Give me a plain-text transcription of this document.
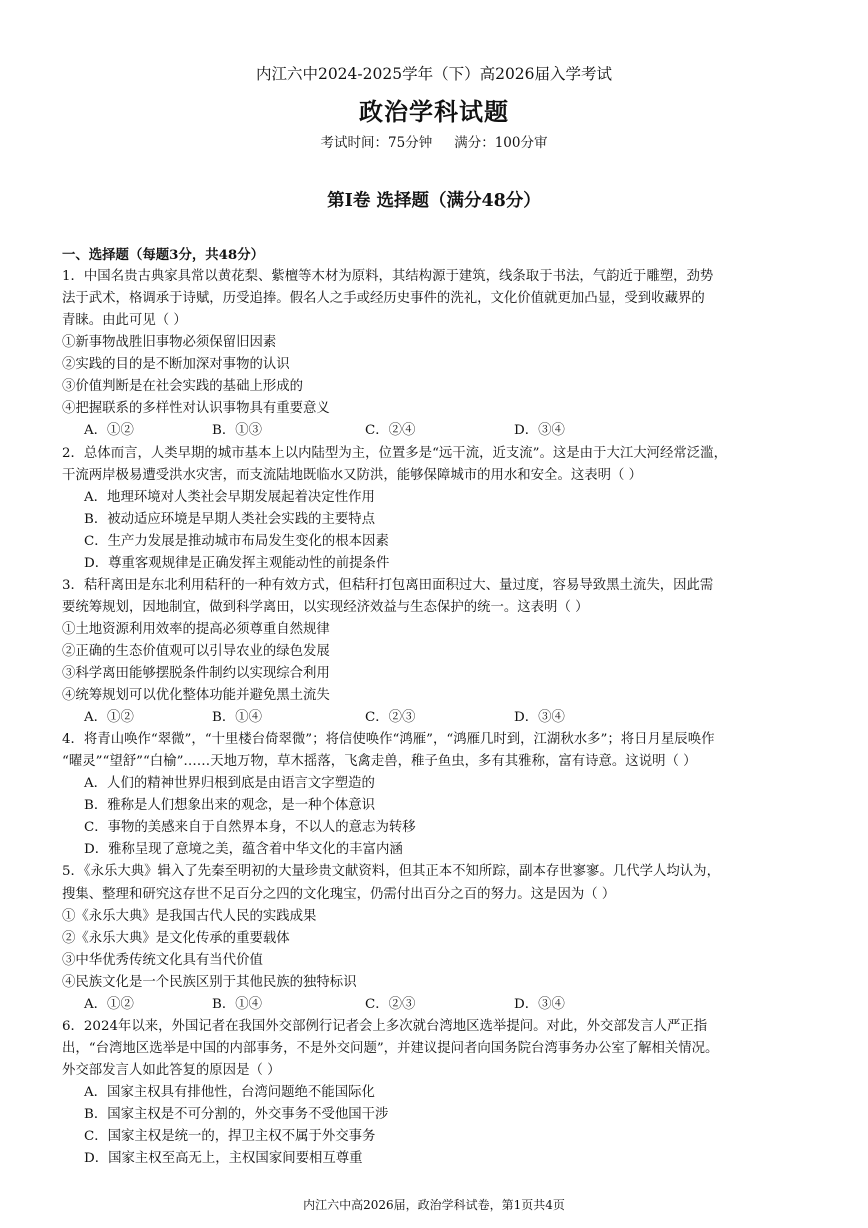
内江六中2024-2025学年（下）高2026届入学考试
政治学科试题
考试时间：75分钟 满分：100分审
第Ⅰ卷 选择题（满分48分）
一、选择题（每题3分，共48分）
1．中国名贵古典家具常以黄花梨、紫檀等木材为原料，其结构源于建筑，线条取于书法，气韵近于雕塑，劲势
法于武术，格调承于诗赋，历受追捧。假名人之手或经历史事件的洗礼，文化价值就更加凸显，受到收藏界的
青睐。由此可见（ ）
①新事物战胜旧事物必须保留旧因素
②实践的目的是不断加深对事物的认识
③价值判断是在社会实践的基础上形成的
④把握联系的多样性对认识事物具有重要意义
A．①②	B．①③	C．②④	D．③④
2．总体而言，人类早期的城市基本上以内陆型为主，位置多是“远干流，近支流”。这是由于大江大河经常泛滥，
干流两岸极易遭受洪水灾害，而支流陆地既临水又防洪，能够保障城市的用水和安全。这表明（ ）
A．地理环境对人类社会早期发展起着决定性作用
B．被动适应环境是早期人类社会实践的主要特点
C．生产力发展是推动城市布局发生变化的根本因素
D．尊重客观规律是正确发挥主观能动性的前提条件
3．秸秆离田是东北利用秸秆的一种有效方式，但秸秆打包离田面积过大、量过度，容易导致黑土流失，因此需
要统筹规划，因地制宜，做到科学离田，以实现经济效益与生态保护的统一。这表明（ ）
①土地资源利用效率的提高必须尊重自然规律
②正确的生态价值观可以引导农业的绿色发展
③科学离田能够摆脱条件制约以实现综合利用
④统筹规划可以优化整体功能并避免黑土流失
A．①②	B．①④	C．②③	D．③④
4．将青山唤作“翠微”，“十里楼台倚翠微”；将信使唤作“鸿雁”，“鸿雁几时到，江湖秋水多”；将日月星辰唤作
“曜灵”“望舒”“白榆”……天地万物，草木摇落，飞禽走兽，稚子鱼虫，多有其雅称，富有诗意。这说明（ ）
A．人们的精神世界归根到底是由语言文字塑造的
B．雅称是人们想象出来的观念，是一种个体意识
C．事物的美感来自于自然界本身，不以人的意志为转移
D．雅称呈现了意境之美，蕴含着中华文化的丰富内涵
5．《永乐大典》辑入了先秦至明初的大量珍贵文献资料，但其正本不知所踪，副本存世寥寥。几代学人均认为，
搜集、整理和研究这存世不足百分之四的文化瑰宝，仍需付出百分之百的努力。这是因为（ ）
①《永乐大典》是我国古代人民的实践成果
②《永乐大典》是文化传承的重要载体
③中华优秀传统文化具有当代价值
④民族文化是一个民族区别于其他民族的独特标识
A．①②	B．①④	C．②③	D．③④
6．2024年以来，外国记者在我国外交部例行记者会上多次就台湾地区选举提问。对此，外交部发言人严正指
出，“台湾地区选举是中国的内部事务，不是外交问题”，并建议提问者向国务院台湾事务办公室了解相关情况。
外交部发言人如此答复的原因是（ ）
A．国家主权具有排他性，台湾问题绝不能国际化
B．国家主权是不可分割的，外交事务不受他国干涉
C．国家主权是统一的，捍卫主权不属于外交事务
D．国家主权至高无上，主权国家间要相互尊重
内江六中高2026届，政治学科试卷，第1页共4页
